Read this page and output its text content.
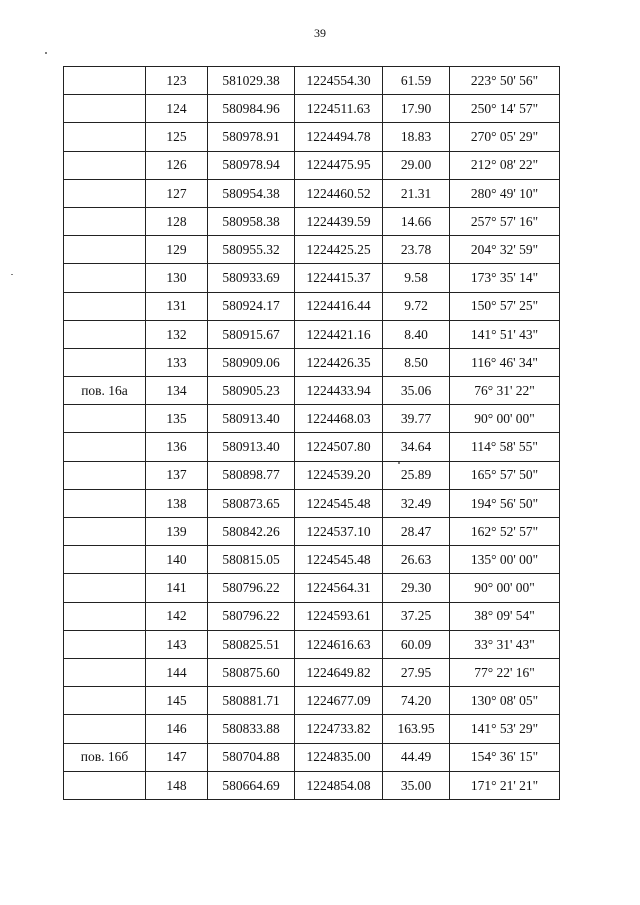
39
	123	581029.38	1224554.30	61.59	223° 50' 56"
	124	580984.96	1224511.63	17.90	250° 14' 57"
	125	580978.91	1224494.78	18.83	270° 05' 29"
	126	580978.94	1224475.95	29.00	212° 08' 22"
	127	580954.38	1224460.52	21.31	280° 49' 10"
	128	580958.38	1224439.59	14.66	257° 57' 16"
	129	580955.32	1224425.25	23.78	204° 32' 59"
	130	580933.69	1224415.37	9.58	173° 35' 14"
	131	580924.17	1224416.44	9.72	150° 57' 25"
	132	580915.67	1224421.16	8.40	141° 51' 43"
	133	580909.06	1224426.35	8.50	116° 46' 34"
пов. 16а	134	580905.23	1224433.94	35.06	76° 31' 22"
	135	580913.40	1224468.03	39.77	90° 00' 00"
	136	580913.40	1224507.80	34.64	114° 58' 55"
	137	580898.77	1224539.20	25.89	165° 57' 50"
	138	580873.65	1224545.48	32.49	194° 56' 50"
	139	580842.26	1224537.10	28.47	162° 52' 57"
	140	580815.05	1224545.48	26.63	135° 00' 00"
	141	580796.22	1224564.31	29.30	90° 00' 00"
	142	580796.22	1224593.61	37.25	38° 09' 54"
	143	580825.51	1224616.63	60.09	33° 31' 43"
	144	580875.60	1224649.82	27.95	77° 22' 16"
	145	580881.71	1224677.09	74.20	130° 08' 05"
	146	580833.88	1224733.82	163.95	141° 53' 29"
пов. 16б	147	580704.88	1224835.00	44.49	154° 36' 15"
	148	580664.69	1224854.08	35.00	171° 21' 21"
